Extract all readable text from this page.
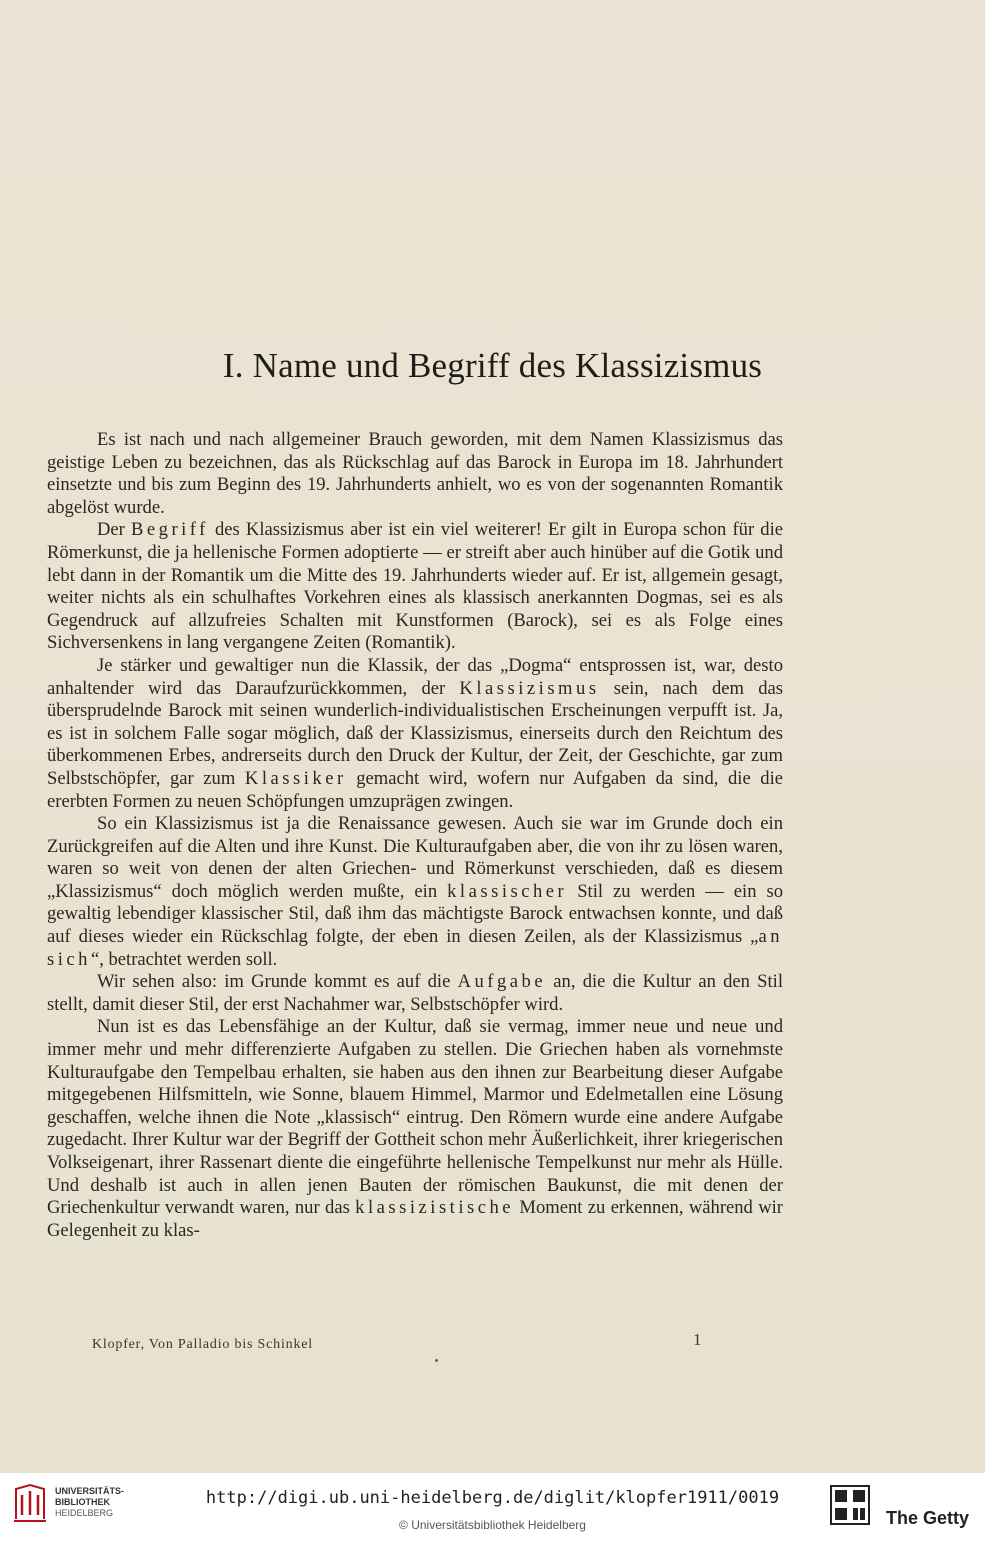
I. Name und Begriff des Klassizismus

Es ist nach und nach allgemeiner Brauch geworden, mit dem Namen Klassizismus das geistige Leben zu bezeichnen, das als Rückschlag auf das Barock in Europa im 18. Jahrhundert einsetzte und bis zum Beginn des 19. Jahrhunderts anhielt, wo es von der sogenannten Romantik abgelöst wurde.

Der Begriff des Klassizismus aber ist ein viel weiterer! Er gilt in Europa schon für die Römerkunst, die ja hellenische Formen adoptierte — er streift aber auch hinüber auf die Gotik und lebt dann in der Romantik um die Mitte des 19. Jahrhunderts wieder auf. Er ist, allgemein gesagt, weiter nichts als ein schulhaftes Vorkehren eines als klassisch anerkannten Dogmas, sei es als Gegendruck auf allzufreies Schalten mit Kunstformen (Barock), sei es als Folge eines Sichversenkens in lang vergangene Zeiten (Romantik).

Je stärker und gewaltiger nun die Klassik, der das „Dogma“ entsprossen ist, war, desto anhaltender wird das Daraufzurückkommen, der Klassizismus sein, nach dem das übersprudelnde Barock mit seinen wunderlich-individualistischen Erscheinungen verpufft ist. Ja, es ist in solchem Falle sogar möglich, daß der Klassizismus, einerseits durch den Reichtum des überkommenen Erbes, andrerseits durch den Druck der Kultur, der Zeit, der Geschichte, gar zum Selbstschöpfer, gar zum Klassiker gemacht wird, wofern nur Aufgaben da sind, die die ererbten Formen zu neuen Schöpfungen umzuprägen zwingen.

So ein Klassizismus ist ja die Renaissance gewesen. Auch sie war im Grunde doch ein Zurückgreifen auf die Alten und ihre Kunst. Die Kulturaufgaben aber, die von ihr zu lösen waren, waren so weit von denen der alten Griechen- und Römerkunst verschieden, daß es diesem „Klassizismus“ doch möglich werden mußte, ein klassischer Stil zu werden — ein so gewaltig lebendiger klassischer Stil, daß ihm das mächtigste Barock entwachsen konnte, und daß auf dieses wieder ein Rückschlag folgte, der eben in diesen Zeilen, als der Klassizismus „an sich“, betrachtet werden soll.

Wir sehen also: im Grunde kommt es auf die Aufgabe an, die die Kultur an den Stil stellt, damit dieser Stil, der erst Nachahmer war, Selbstschöpfer wird.

Nun ist es das Lebensfähige an der Kultur, daß sie vermag, immer neue und neue und immer mehr und mehr differenzierte Aufgaben zu stellen. Die Griechen haben als vornehmste Kulturaufgabe den Tempelbau erhalten, sie haben aus den ihnen zur Bearbeitung dieser Aufgabe mitgegebenen Hilfsmitteln, wie Sonne, blauem Himmel, Marmor und Edelmetallen eine Lösung geschaffen, welche ihnen die Note „klassisch“ eintrug. Den Römern wurde eine andere Aufgabe zugedacht. Ihrer Kultur war der Begriff der Gottheit schon mehr Äußerlichkeit, ihrer kriegerischen Volkseigenart, ihrer Rassenart diente die eingeführte hellenische Tempelkunst nur mehr als Hülle. Und deshalb ist auch in allen jenen Bauten der römischen Baukunst, die mit denen der Griechenkultur verwandt waren, nur das klassizistische Moment zu erkennen, während wir Gelegenheit zu klas-

Klopfer, Von Palladio bis Schinkel	1
UNIVERSITÄTS-
BIBLIOTHEK
HEIDELBERG
http://digi.ub.uni-heidelberg.de/diglit/klopfer1911/0019
© Universitätsbibliothek Heidelberg	The Getty
